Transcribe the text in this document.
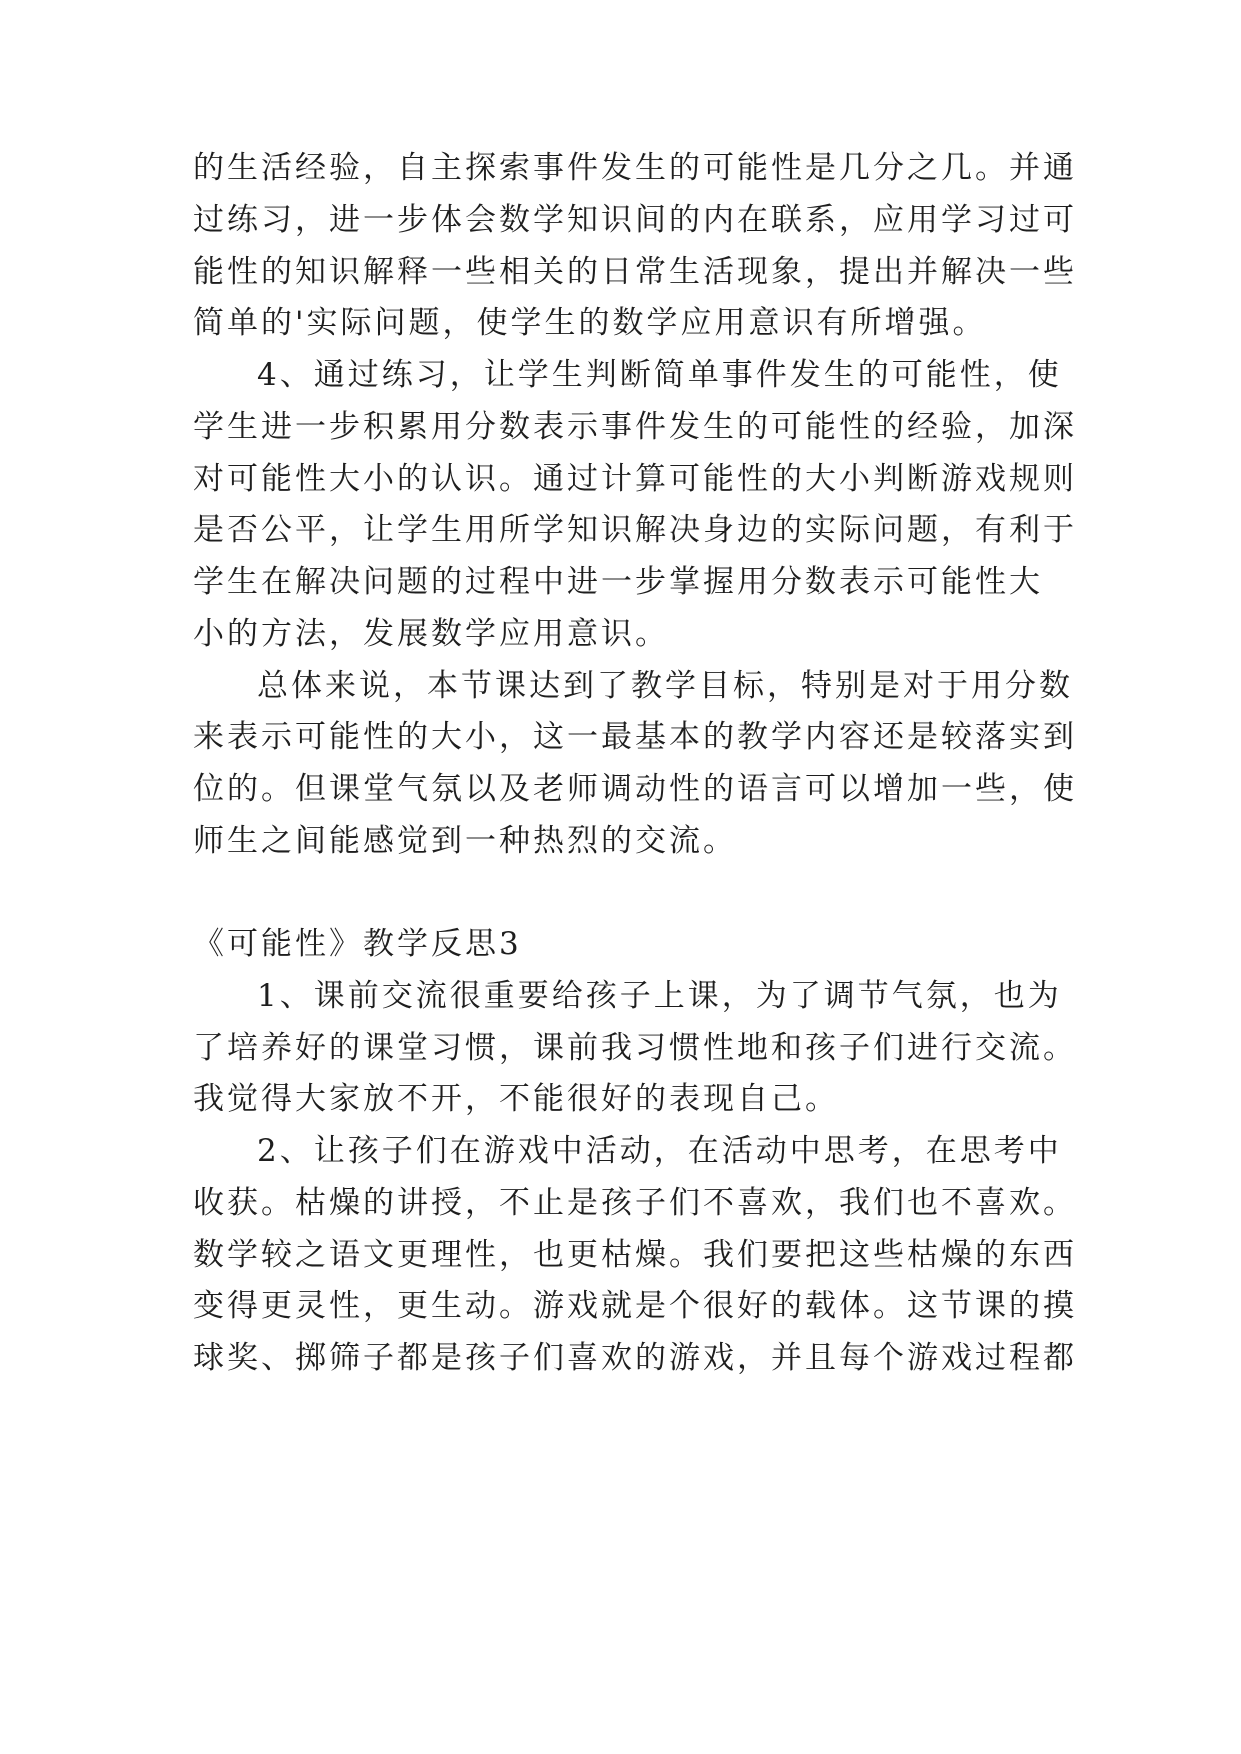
的生活经验，自主探索事件发生的可能性是几分之几。并通

过练习，进一步体会数学知识间的内在联系，应用学习过可

能性的知识解释一些相关的日常生活现象，提出并解决一些

简单的'实际问题，使学生的数学应用意识有所增强。

4、通过练习，让学生判断简单事件发生的可能性，使

学生进一步积累用分数表示事件发生的可能性的经验，加深

对可能性大小的认识。通过计算可能性的大小判断游戏规则

是否公平，让学生用所学知识解决身边的实际问题，有利于

学生在解决问题的过程中进一步掌握用分数表示可能性大

小的方法，发展数学应用意识。

总体来说，本节课达到了教学目标，特别是对于用分数

来表示可能性的大小，这一最基本的教学内容还是较落实到

位的。但课堂气氛以及老师调动性的语言可以增加一些，使

师生之间能感觉到一种热烈的交流。

《可能性》教学反思3

1、课前交流很重要给孩子上课，为了调节气氛，也为

了培养好的课堂习惯，课前我习惯性地和孩子们进行交流。

我觉得大家放不开，不能很好的表现自己。

2、让孩子们在游戏中活动，在活动中思考，在思考中

收获。枯燥的讲授，不止是孩子们不喜欢，我们也不喜欢。

数学较之语文更理性，也更枯燥。我们要把这些枯燥的东西

变得更灵性，更生动。游戏就是个很好的载体。这节课的摸

球奖、掷筛子都是孩子们喜欢的游戏，并且每个游戏过程都
